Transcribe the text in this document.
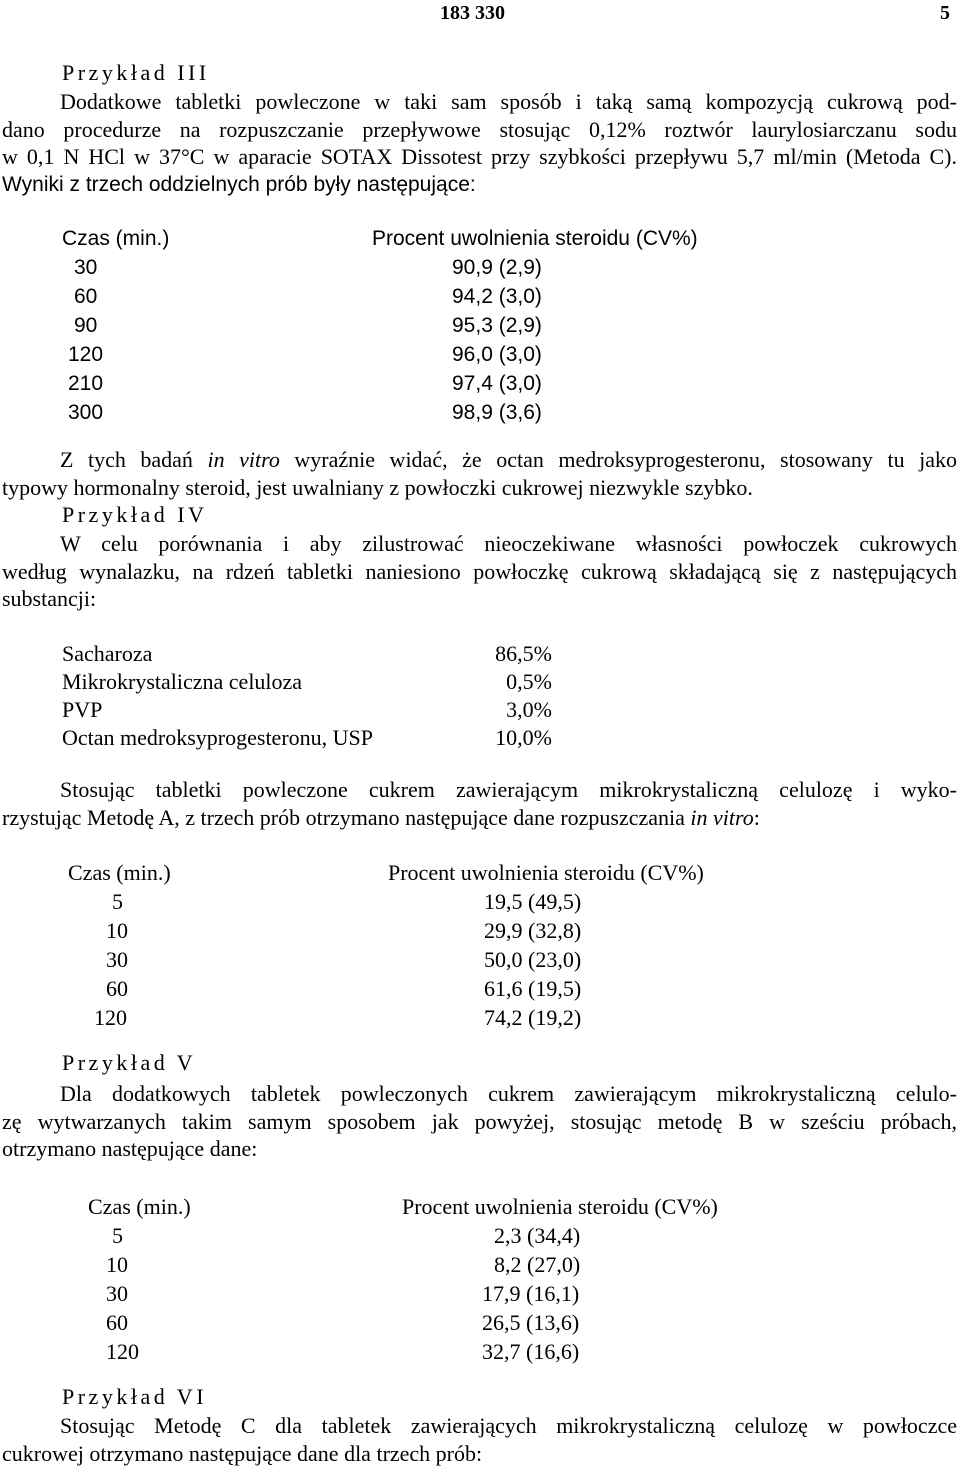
183 330	5
Przykład III
Dodatkowe tabletki powleczone w taki sam sposób i taką samą kompozycją cukrową pod-
dano procedurze na rozpuszczanie przepływowe stosując 0,12% roztwór laurylosiarczanu sodu
w 0,1 N HCl w 37°C w aparacie SOTAX Dissotest przy szybkości przepływu 5,7 ml/min (Metoda C).
Wyniki z trzech oddzielnych prób były następujące:
Czas (min.)	Procent uwolnienia steroidu (CV%)
30	90,9 (2,9)
60	94,2 (3,0)
90	95,3 (2,9)
120	96,0 (3,0)
210	97,4 (3,0)
300	98,9 (3,6)
Z tych badań in vitro wyraźnie widać, że octan medroksyprogesteronu, stosowany tu jako
typowy hormonalny steroid, jest uwalniany z powłoczki cukrowej niezwykle szybko.
Przykład IV
W celu porównania i aby zilustrować nieoczekiwane własności powłoczek cukrowych
według wynalazku, na rdzeń tabletki naniesiono powłoczkę cukrową składającą się z następujących
substancji:
Sacharoza	86,5%
Mikrokrystaliczna celuloza	0,5%
PVP	3,0%
Octan medroksyprogesteronu, USP	10,0%
Stosując tabletki powleczone cukrem zawierającym mikrokrystaliczną celulozę i wyko-
rzystując Metodę A, z trzech prób otrzymano następujące dane rozpuszczania in vitro:
Czas (min.)	Procent uwolnienia steroidu (CV%)
5	19,5 (49,5)
10	29,9 (32,8)
30	50,0 (23,0)
60	61,6 (19,5)
120	74,2 (19,2)
Przykład V
Dla dodatkowych tabletek powleczonych cukrem zawierającym mikrokrystaliczną celulo-
zę wytwarzanych takim samym sposobem jak powyżej, stosując metodę B w sześciu próbach,
otrzymano następujące dane:
Czas (min.)	Procent uwolnienia steroidu (CV%)
5	2,3 (34,4)
10	8,2 (27,0)
30	17,9 (16,1)
60	26,5 (13,6)
120	32,7 (16,6)
Przykład VI
Stosując Metodę C dla tabletek zawierających mikrokrystaliczną celulozę w powłoczce
cukrowej otrzymano następujące dane dla trzech prób:
